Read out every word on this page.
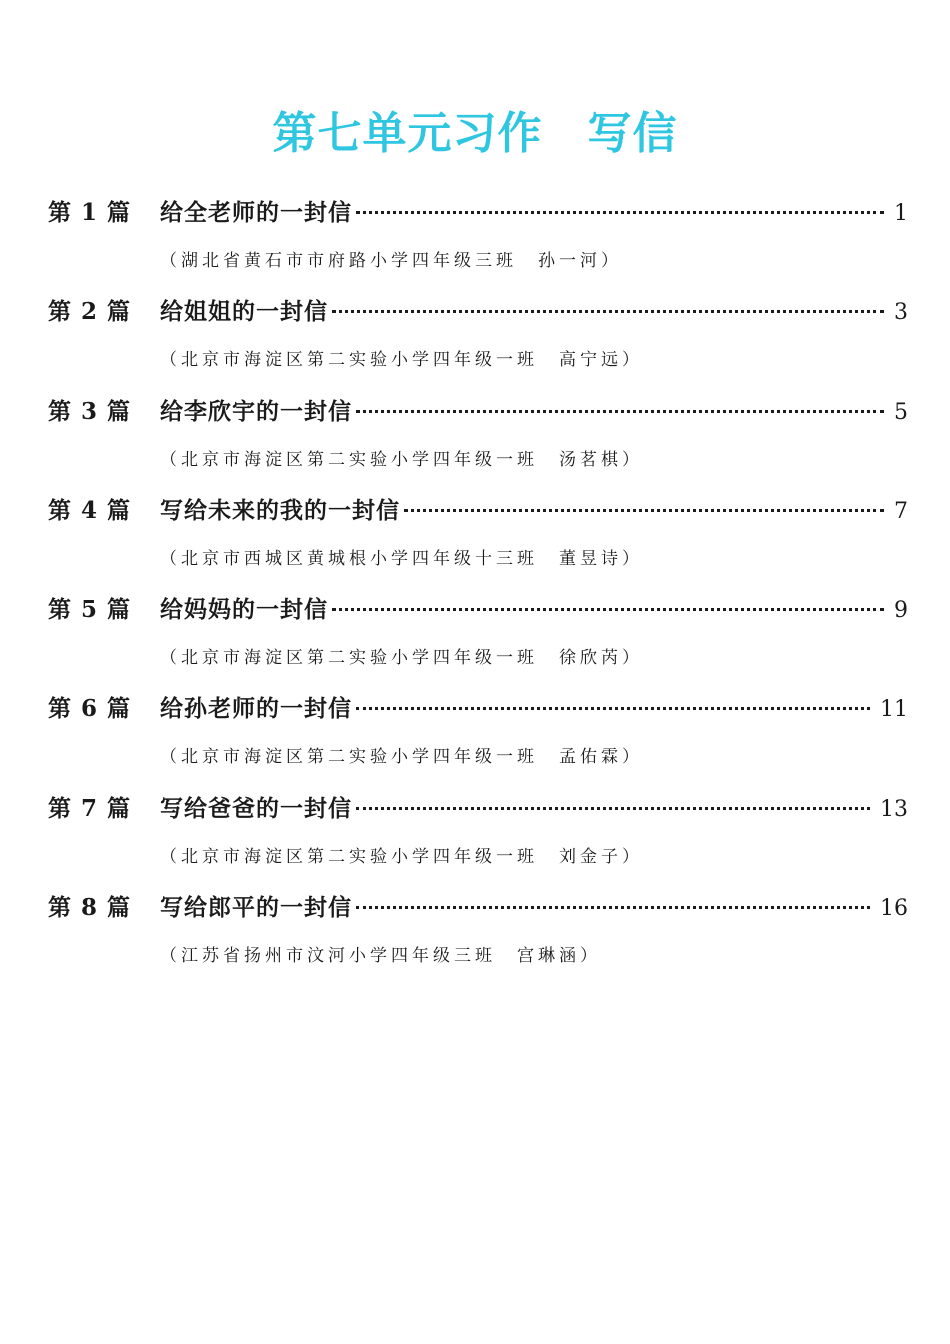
第七单元习作　写信
第 1 篇	给全老师的一封信	1
（湖北省黄石市市府路小学四年级三班　孙一河）
第 2 篇	给姐姐的一封信	3
（北京市海淀区第二实验小学四年级一班　高宁远）
第 3 篇	给李欣宇的一封信	5
（北京市海淀区第二实验小学四年级一班　汤茗棋）
第 4 篇	写给未来的我的一封信	7
（北京市西城区黄城根小学四年级十三班　董昱诗）
第 5 篇	给妈妈的一封信	9
（北京市海淀区第二实验小学四年级一班　徐欣芮）
第 6 篇	给孙老师的一封信	11
（北京市海淀区第二实验小学四年级一班　孟佑霖）
第 7 篇	写给爸爸的一封信	13
（北京市海淀区第二实验小学四年级一班　刘金子）
第 8 篇	写给郎平的一封信	16
（江苏省扬州市汶河小学四年级三班　宫琳涵）
